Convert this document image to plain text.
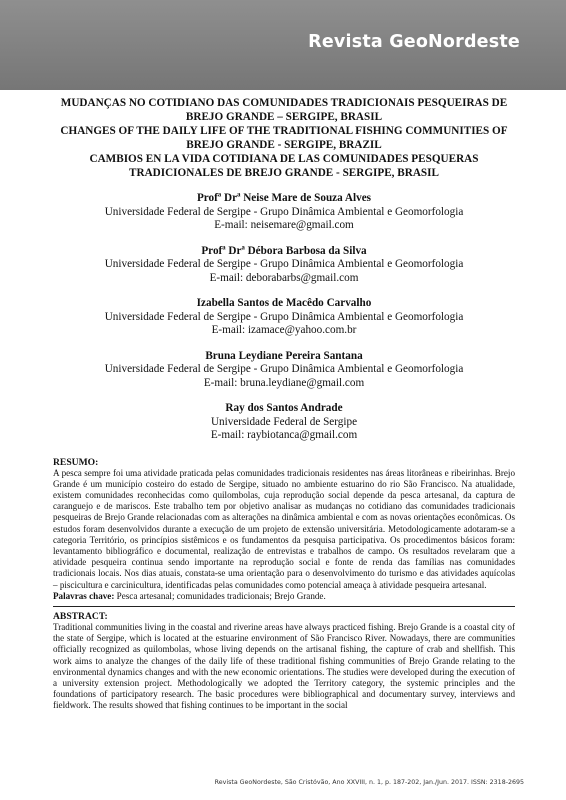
Revista GeoNordeste
MUDANÇAS NO COTIDIANO DAS COMUNIDADES TRADICIONAIS PESQUEIRAS DE BREJO GRANDE – SERGIPE, BRASIL
CHANGES OF THE DAILY LIFE OF THE TRADITIONAL FISHING COMMUNITIES OF BREJO GRANDE - SERGIPE, BRAZIL
CAMBIOS EN LA VIDA COTIDIANA DE LAS COMUNIDADES PESQUERAS TRADICIONALES DE BREJO GRANDE - SERGIPE, BRASIL
Profª Drª Neise Mare de Souza Alves
Universidade Federal de Sergipe - Grupo Dinâmica Ambiental e Geomorfologia
E-mail: neisemare@gmail.com
Profª Drª Débora Barbosa da Silva
Universidade Federal de Sergipe - Grupo Dinâmica Ambiental e Geomorfologia
E-mail: deborabarbs@gmail.com
Izabella Santos de Macêdo Carvalho
Universidade Federal de Sergipe - Grupo Dinâmica Ambiental e Geomorfologia
E-mail: izamace@yahoo.com.br
Bruna Leydiane Pereira Santana
Universidade Federal de Sergipe - Grupo Dinâmica Ambiental e Geomorfologia
E-mail: bruna.leydiane@gmail.com
Ray dos Santos Andrade
Universidade Federal de Sergipe
E-mail: raybiotanca@gmail.com
RESUMO:
A pesca sempre foi uma atividade praticada pelas comunidades tradicionais residentes nas áreas litorâneas e ribeirinhas. Brejo Grande é um município costeiro do estado de Sergipe, situado no ambiente estuarino do rio São Francisco. Na atualidade, existem comunidades reconhecidas como quilombolas, cuja reprodução social depende da pesca artesanal, da captura de caranguejo e de mariscos. Este trabalho tem por objetivo analisar as mudanças no cotidiano das comunidades tradicionais pesqueiras de Brejo Grande relacionadas com as alterações na dinâmica ambiental e com as novas orientações econômicas. Os estudos foram desenvolvidos durante a execução de um projeto de extensão universitária. Metodologicamente adotaram-se a categoria Território, os princípios sistêmicos e os fundamentos da pesquisa participativa. Os procedimentos básicos foram: levantamento bibliográfico e documental, realização de entrevistas e trabalhos de campo. Os resultados revelaram que a atividade pesqueira continua sendo importante na reprodução social e fonte de renda das famílias nas comunidades tradicionais locais. Nos dias atuais, constata-se uma orientação para o desenvolvimento do turismo e das atividades aquícolas – piscicultura e carcinicultura, identificadas pelas comunidades como potencial ameaça à atividade pesqueira artesanal.
Palavras chave: Pesca artesanal; comunidades tradicionais; Brejo Grande.
ABSTRACT:
Traditional communities living in the coastal and riverine areas have always practiced fishing. Brejo Grande is a coastal city of the state of Sergipe, which is located at the estuarine environment of São Francisco River. Nowadays, there are communities officially recognized as quilombolas, whose living depends on the artisanal fishing, the capture of crab and shellfish. This work aims to analyze the changes of the daily life of these traditional fishing communities of Brejo Grande relating to the environmental dynamics changes and with the new economic orientations. The studies were developed during the execution of a university extension project. Methodologically we adopted the Territory category, the systemic principles and the foundations of participatory research. The basic procedures were bibliographical and documentary survey, interviews and fieldwork. The results showed that fishing continues to be important in the social
Revista GeoNordeste, São Cristóvão, Ano XXVIII, n. 1, p. 187-202, Jan./Jun. 2017. ISSN: 2318-2695
